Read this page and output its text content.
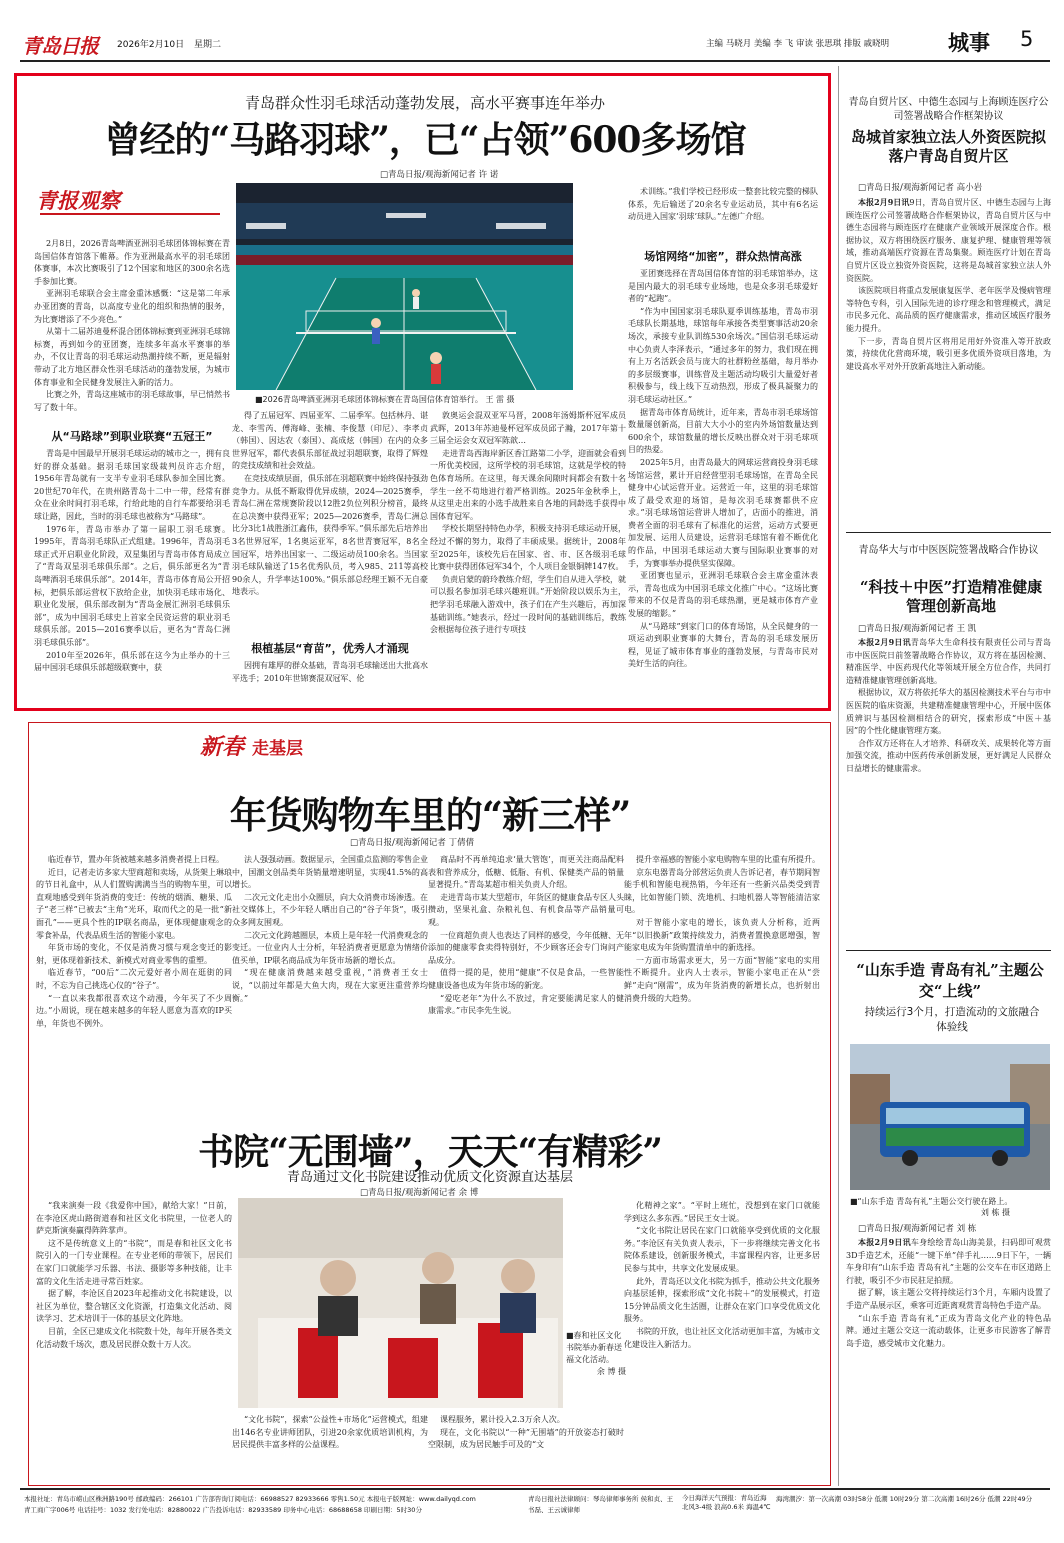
青岛日报 2026年2月10日 星期二	主编 马晓月 美编 李 飞 审读 张思琪 排版 戚晓明	城事 5
青岛群众性羽毛球活动蓬勃发展，高水平赛事连年举办
曾经的“马路羽球”，已“占领”600多场馆
□青岛日报/观海新闻记者 许 诺
青报观察
■2026青岛啤酒亚洲羽毛球团体锦标赛在青岛国信体育馆举行。 王 雷 摄

2月8日，2026青岛啤酒亚洲羽毛球团体锦标赛在青岛国信体育馆落下帷幕。作为亚洲最高水平的羽毛球团体赛事，本次比赛吸引了12个国家和地区的300余名选手参加比赛。

亚洲羽毛球联合会主席金重沐感慨：“这是第二年承办亚团赛的青岛，以高度专业化的组织和热情的服务，为比赛增添了不少亮色。”

从第十二届苏迪曼杯混合团体锦标赛到亚洲羽毛球锦标赛，再到如今的亚团赛，连续多年高水平赛事的举办，不仅让青岛的羽毛球运动热潮持续不断，更是辐射带动了北方地区群众性羽毛球活动的蓬勃发展，为城市体育事业和全民健身发展注入新的活力。

比赛之外，青岛这座城市的羽毛球故事，早已悄然书写了数十年。

从“马路球”到职业联赛“五冠王”

青岛是中国最早开展羽毛球运动的城市之一，拥有良好的群众基础。据羽毛球国家级裁判员许志介绍，1956年青岛就有一支半专业羽毛球队参加全国比赛。20世纪70年代，在贵州路青岛十二中一带，经常有群众在业余时间打羽毛球，行给此地的自行车都要给羽毛球让路，因此，当时的羽毛球也被称为“马路球”。

1976年，青岛市举办了第一届职工羽毛球赛。1995年，青岛羽毛球队正式组建。1996年，青岛羽毛球正式开启职业化阶段，双星集团与青岛市体育局成立了“青岛双星羽毛球俱乐部”。之后，俱乐部更名为“青岛啤酒羽毛球俱乐部”。2014年，青岛市体育局公开招标，把俱乐部运营权下放给企业，加快羽毛球市场化、职业化发展，俱乐部改制为“青岛金展汇洲羽毛球俱乐部”，成为中国羽毛球史上首家全民资运营的职业羽毛球俱乐部。2015—2016赛季以后，更名为“青岛仁洲羽毛球俱乐部”。

2010年至2026年，俱乐部在这今为止举办的十三届中国羽毛球俱乐部超级联赛中，获

得了五届冠军、四届亚军、二届季军。包括林丹、谌龙、李雪芮、傅海峰、张楠、李俊慧（印尼）、李孝贞（韩国）、因达农（泰国）、高成炫（韩国）在内的众多世界冠军，都代表俱乐部征战过羽超联赛，取得了辉煌的竞技成绩和社会效益。

在竞技成绩层面，俱乐部在羽超联赛中始终保持强劲竞争力。从低不断取得优异成绩，2024—2025赛季，青岛仁洲在常规赛阶段以12胜2负位列积分榜首，最终在总决赛中获得亚军；2025—2026赛季，青岛仁洲总比分3比1战胜浙江鑫伟，获得季军。”俱乐部先后培养出3名世界冠军，1名奥运亚军，8名世青赛冠军，8名全国冠军，培养出国家一、二级运动员100余名。当国家羽毛球队输送了15名优秀队员，考入985、211等高校90余人，升学率达100%。”俱乐部总经理王颖不无自豪地表示。

根植基层“育苗”，优秀人才涌现

因拥有雄厚的群众基础，青岛羽毛球输送出大批高水平选手；2010年世锦赛混双冠军、伦

敦奥运会混双亚军马晋，2008年汤姆斯杯冠军成员武晖，2013年苏迪曼杯冠军成员邱子瀚，2017年第十三届全运会女双冠军陈歆…

走进青岛西海岸新区香江路第二小学，迎面就会看到一所优美校园，这所学校的羽毛球馆，这就是学校的特色体育场所。在这里，每天课余间隙时间都会有数十名学生一丝不苟地进行着严格训练。2025年金秋季上，从这里走出来的小选手战胜来自各地的同龄选手获得中国体育冠军。

学校长期坚持特色办学，积极支持羽毛球运动开展，经过不懈的努力，取得了丰硕成果。据统计，2008年至2025年，该校先后在国家、省、市、区各级羽毛球比赛中获得团体冠军34个，个人项目金银铜牌147枚。

负责启蒙的蔚玲教练介绍，学生们自从进入学校，就可以报名参加羽毛球兴趣班训。”开始阶段以娱乐为主，把学羽毛球融入游戏中，孩子们在产生兴趣后，再加深基础训练。”她表示，经过一段时间的基础训练后，教练会根据每位孩子进行专项技

术训练。”我们学校已经形成一整套比较完整的梯队体系，先后输送了20余名专业运动员，其中有6名运动员进入国家‘羽球’球队。”左德广介绍。

场馆网络“加密”，群众热情高涨

亚团赛选择在青岛国信体育馆的羽毛球馆举办，这是国内最大的羽毛球专业场地，也是众多羽毛球爱好者的“起跑”。

“作为中国国家羽毛球队夏季训练基地，青岛市羽毛球队长期基地，球馆每年承接各类型赛事活动20余场次，承接专业队训练530余场次。”国信羽毛球运动中心负责人李泽表示，“通过多年的努力，我们现在拥有上万名活跃会员与庞大的社群粉丝基础，每月举办的多层级赛事，训练营及主题活动均吸引大量爱好者积极参与，线上线下互动热烈，形成了极具凝聚力的羽毛球运动社区。”

据青岛市体育局统计，近年来，青岛市羽毛球场馆数量屡创新高，目前大大小小的室内外场馆数量达到600余个，球馆数量的增长反映出群众对于羽毛球项目的热爱。

2025年5月，由青岛最大的网球运营商投身羽毛球场馆运营，累计开启经营型羽毛球场馆，在青岛全民健身中心试运营开业。运营近一年，这里的羽毛球馆成了最受欢迎的场馆，是每次羽毛球赛都供不应求。”羽毛球场馆运营讲人增加了，店面小的推进，消费者全面的羽毛球有了标准化的运营，运动方式要更加发展、运用人员建设，运营羽毛球馆有着不断优化的作品，中国羽毛球运动大赛与国际职业赛事的对手，为赛事举办提供坚实保障。

亚团赛也显示，亚洲羽毛球联合会主席金重沐表示，青岛也成为中国羽毛球文化推广中心。“这场比赛带来的不仅是青岛的羽毛球热潮，更是城市体育产业发展的缩影。”

从“马路球”到家门口的体育场馆，从全民健身的一项运动到职业赛事的大舞台，青岛的羽毛球发展历程，见证了城市体育事业的蓬勃发展，与青岛市民对美好生活的向往。

青岛自贸片区、中德生态园与上海顾连医疗公司签署战略合作框架协议
岛城首家独立法人外资医院拟落户青岛自贸片区
□青岛日报/观海新闻记者 高小岩

本报2月9日讯9日，青岛自贸片区、中德生态园与上海顾连医疗公司签署战略合作框架协议，青岛自贸片区与中德生态园将与顾连医疗在健康产业领域开展深度合作。根据协议，双方将围绕医疗服务、康复护理、健康管理等领域，推动高端医疗资源在青岛集聚。顾连医疗计划在青岛自贸片区设立独资外资医院，这将是岛城首家独立法人外资医院。

该医院项目将重点发展康复医学、老年医学及慢病管理等特色专科，引入国际先进的诊疗理念和管理模式，满足市民多元化、高品质的医疗健康需求，推动区域医疗服务能力提升。

下一步，青岛自贸片区将用足用好外资准入等开放政策，持续优化营商环境，吸引更多优质外资项目落地，为建设高水平对外开放新高地注入新动能。

青岛华大与市中医医院签署战略合作协议
“科技＋中医”打造精准健康管理创新高地
□青岛日报/观海新闻记者 王 凯

本报2月9日讯青岛华大生命科技有限责任公司与青岛市中医医院日前签署战略合作协议，双方将在基因检测、精准医学、中医药现代化等领域开展全方位合作，共同打造精准健康管理创新高地。

根据协议，双方将依托华大的基因检测技术平台与市中医医院的临床资源，共建精准健康管理中心，开展中医体质辨识与基因检测相结合的研究，探索形成“中医＋基因”的个性化健康管理方案。

合作双方还将在人才培养、科研攻关、成果转化等方面加强交流，推动中医药传承创新发展，更好满足人民群众日益增长的健康需求。

“山东手造 青岛有礼”主题公交“上线”
持续运行3个月，打造流动的文旅融合体验线
■“山东手造 青岛有礼”主题公交行驶在路上。
刘 栋 摄
□青岛日报/观海新闻记者 刘 栋

本报2月9日讯车身绘绘青岛山海美景，扫码即可观赏3D手造艺术，还能“一键下单”伴手礼……9日下午，一辆车身印有“山东手造 青岛有礼”主题的公交车在市区道路上行驶，吸引不少市民驻足拍照。

据了解，该主题公交将持续运行3个月，车厢内设置了手造产品展示区，乘客可近距离观赏青岛特色手造产品。

“山东手造 青岛有礼”正成为青岛文化产业的特色品牌。通过主题公交这一流动载体，让更多市民游客了解青岛手造，感受城市文化魅力。

新春 走基层
年货购物车里的“新三样”
□青岛日报/观海新闻记者 丁倩倩

临近春节，置办年货被越来越多消费者提上日程。

近日，记者走访多家大型商超和卖场，从货架上琳琅的节日礼盒中，从人们置购满满当当的购物车里，可以直观地感受到年货消费的变迁：传统的烟酒、糖果、瓜子“老三样”已被去“主角”光环，取而代之的是一批“新面孔”——更具个性的IP联名商品，更体现健康观念的零食补品，代表品质生活的智能小家电。

年货市场的变化，不仅是消费习惯与观念变迁的影射，更体现着新技术、新模式对商业零售的重塑。

临近春节，“00后”二次元爱好者小周在逛街的同时，不忘为自己挑选心仪的“谷子”。

“一直以来我都很喜欢这个动漫，今年买了不少周边。”小周说，现在越来越多的年轻人愿意为喜欢的IP买单，年货也不例外。

法人强强动画。数据显示，全国重点监测的零售企业中，国潮文创品类年货销量增速明显，实现41.5%的高增长。

二次元文化走出小众圈层，向大众消费市场渗透。在社交媒体上，不少年轻人晒出自己的“谷子年货”，吸引众多网友围观。

二次元文化跨越圈层，本质上是年轻一代消费观念的变迁。一位业内人士分析，年轻消费者更愿意为情绪价值买单，IP联名商品成为年货市场新的增长点。

“现在健康消费越来越受重视，”消费者王女士说，“以前过年都是大鱼大肉，现在大家更注重营养均衡。”

商品时不再单纯追求‘量大管饱’，而更关注商品配料表和营养成分，低糖、低脂、有机、保健类产品的销量显著提升。”青岛某超市相关负责人介绍。

走进青岛市某大型超市，年货区的健康食品专区人头攒动，坚果礼盒、杂粮礼包、有机食品等产品销量可观。

一位商超负责人也表达了同样的感受，今年低糖、无添加的健康零食卖得特别好，不少顾客还会专门询问产品成分。

值得一提的是，使用“健康”不仅是食品，一些智能健康设备也成为年货市场的新宠。

“爱吃老年”为什么不放过，肯定要能满足家人的健康需求。”市民李先生说。

提升幸福感的智能小家电购物车里的比重有所提升。

京东电器青岛分部营运负责人告诉记者，春节期间智能手机和智能电视热销，今年还有一些新兴品类受到青睐，比如智能门锁、洗地机、扫地机器人等智能清洁家电。

对于智能小家电的增长，该负责人分析称，近两年“以旧换新”政策持续发力，消费者置换意愿增强，智能家电成为年货购置清单中的新选择。

一方面市场需求更大，另一方面“智能”家电的实用性不断提升。业内人士表示，智能小家电正在从“尝鲜”走向“刚需”，成为年货消费的新增长点，也折射出消费升级的大趋势。

书院“无围墙”，天天“有精彩”
青岛通过文化书院建设推动优质文化资源直达基层
□青岛日报/观海新闻记者 余 博

“我来演奏一段《我爱你中国》，献给大家！”日前，在李沧区虎山路街道春和社区文化书院里，一位老人的萨克斯演奏赢得阵阵掌声。

这不是传统意义上的“书院”，而是春和社区文化书院引入的一门专业课程。在专业老师的带领下，居民们在家门口就能学习乐器、书法、摄影等多种技能，让丰富的文化生活走进寻常百姓家。

据了解，李沧区自2023年起推动文化书院建设，以社区为单位，整合辖区文化资源，打造集文化活动、阅读学习、艺术培训于一体的基层文化阵地。

目前，全区已建成文化书院数十处，每年开展各类文化活动数千场次，惠及居民群众数十万人次。

■春和社区文化书院举办新春送福文化活动。
余 博 摄

“文化书院”，探索“公益性+市场化”运营模式，组建出146名专业讲师团队，引进20余家优质培训机构，为居民提供丰富多样的公益课程。

课程服务，累计投入2.3万余人次。

现在，文化书院以“一种”无围墙”的开放姿态打破时空限制，成为居民触手可及的“文

化精神之家”。“平时上班忙，没想到在家门口就能学到这么多东西。”居民王女士说。

“文化书院让居民在家门口就能享受到优质的文化服务。”李沧区有关负责人表示，下一步将继续完善文化书院体系建设，创新服务模式，丰富课程内容，让更多居民参与其中，共享文化发展成果。

此外，青岛还以文化书院为抓手，推动公共文化服务向基层延伸，探索形成“文化书院＋”的发展模式，打造15分钟品质文化生活圈，让群众在家门口享受优质文化服务。

书院的开放，也让社区文化活动更加丰富，为城市文化建设注入新活力。

本报社址：青岛市崂山区株洲路190号 邮政编码：266101 广告部咨询订阅电话：66988527 82933666 零售1.50元 本报电子版网址：www.dailyqd.com
青工商广字006号 电话挂号：1032 发行处电话：82880022 广告投诉电话：82933589 印务中心电话：68688658 印刷日期：5时30分
青岛日报社法律顾问：琴岛律师事务所 侯和贞、王书磊、王云诚律师
今日海洋天气预报：青岛近海 北风3-4级 浪高0.6米 海温4℃
海湾潮汐：第一次高潮 03时58分 低潮 10时29分 第二次高潮 16时26分 低潮 22时49分
